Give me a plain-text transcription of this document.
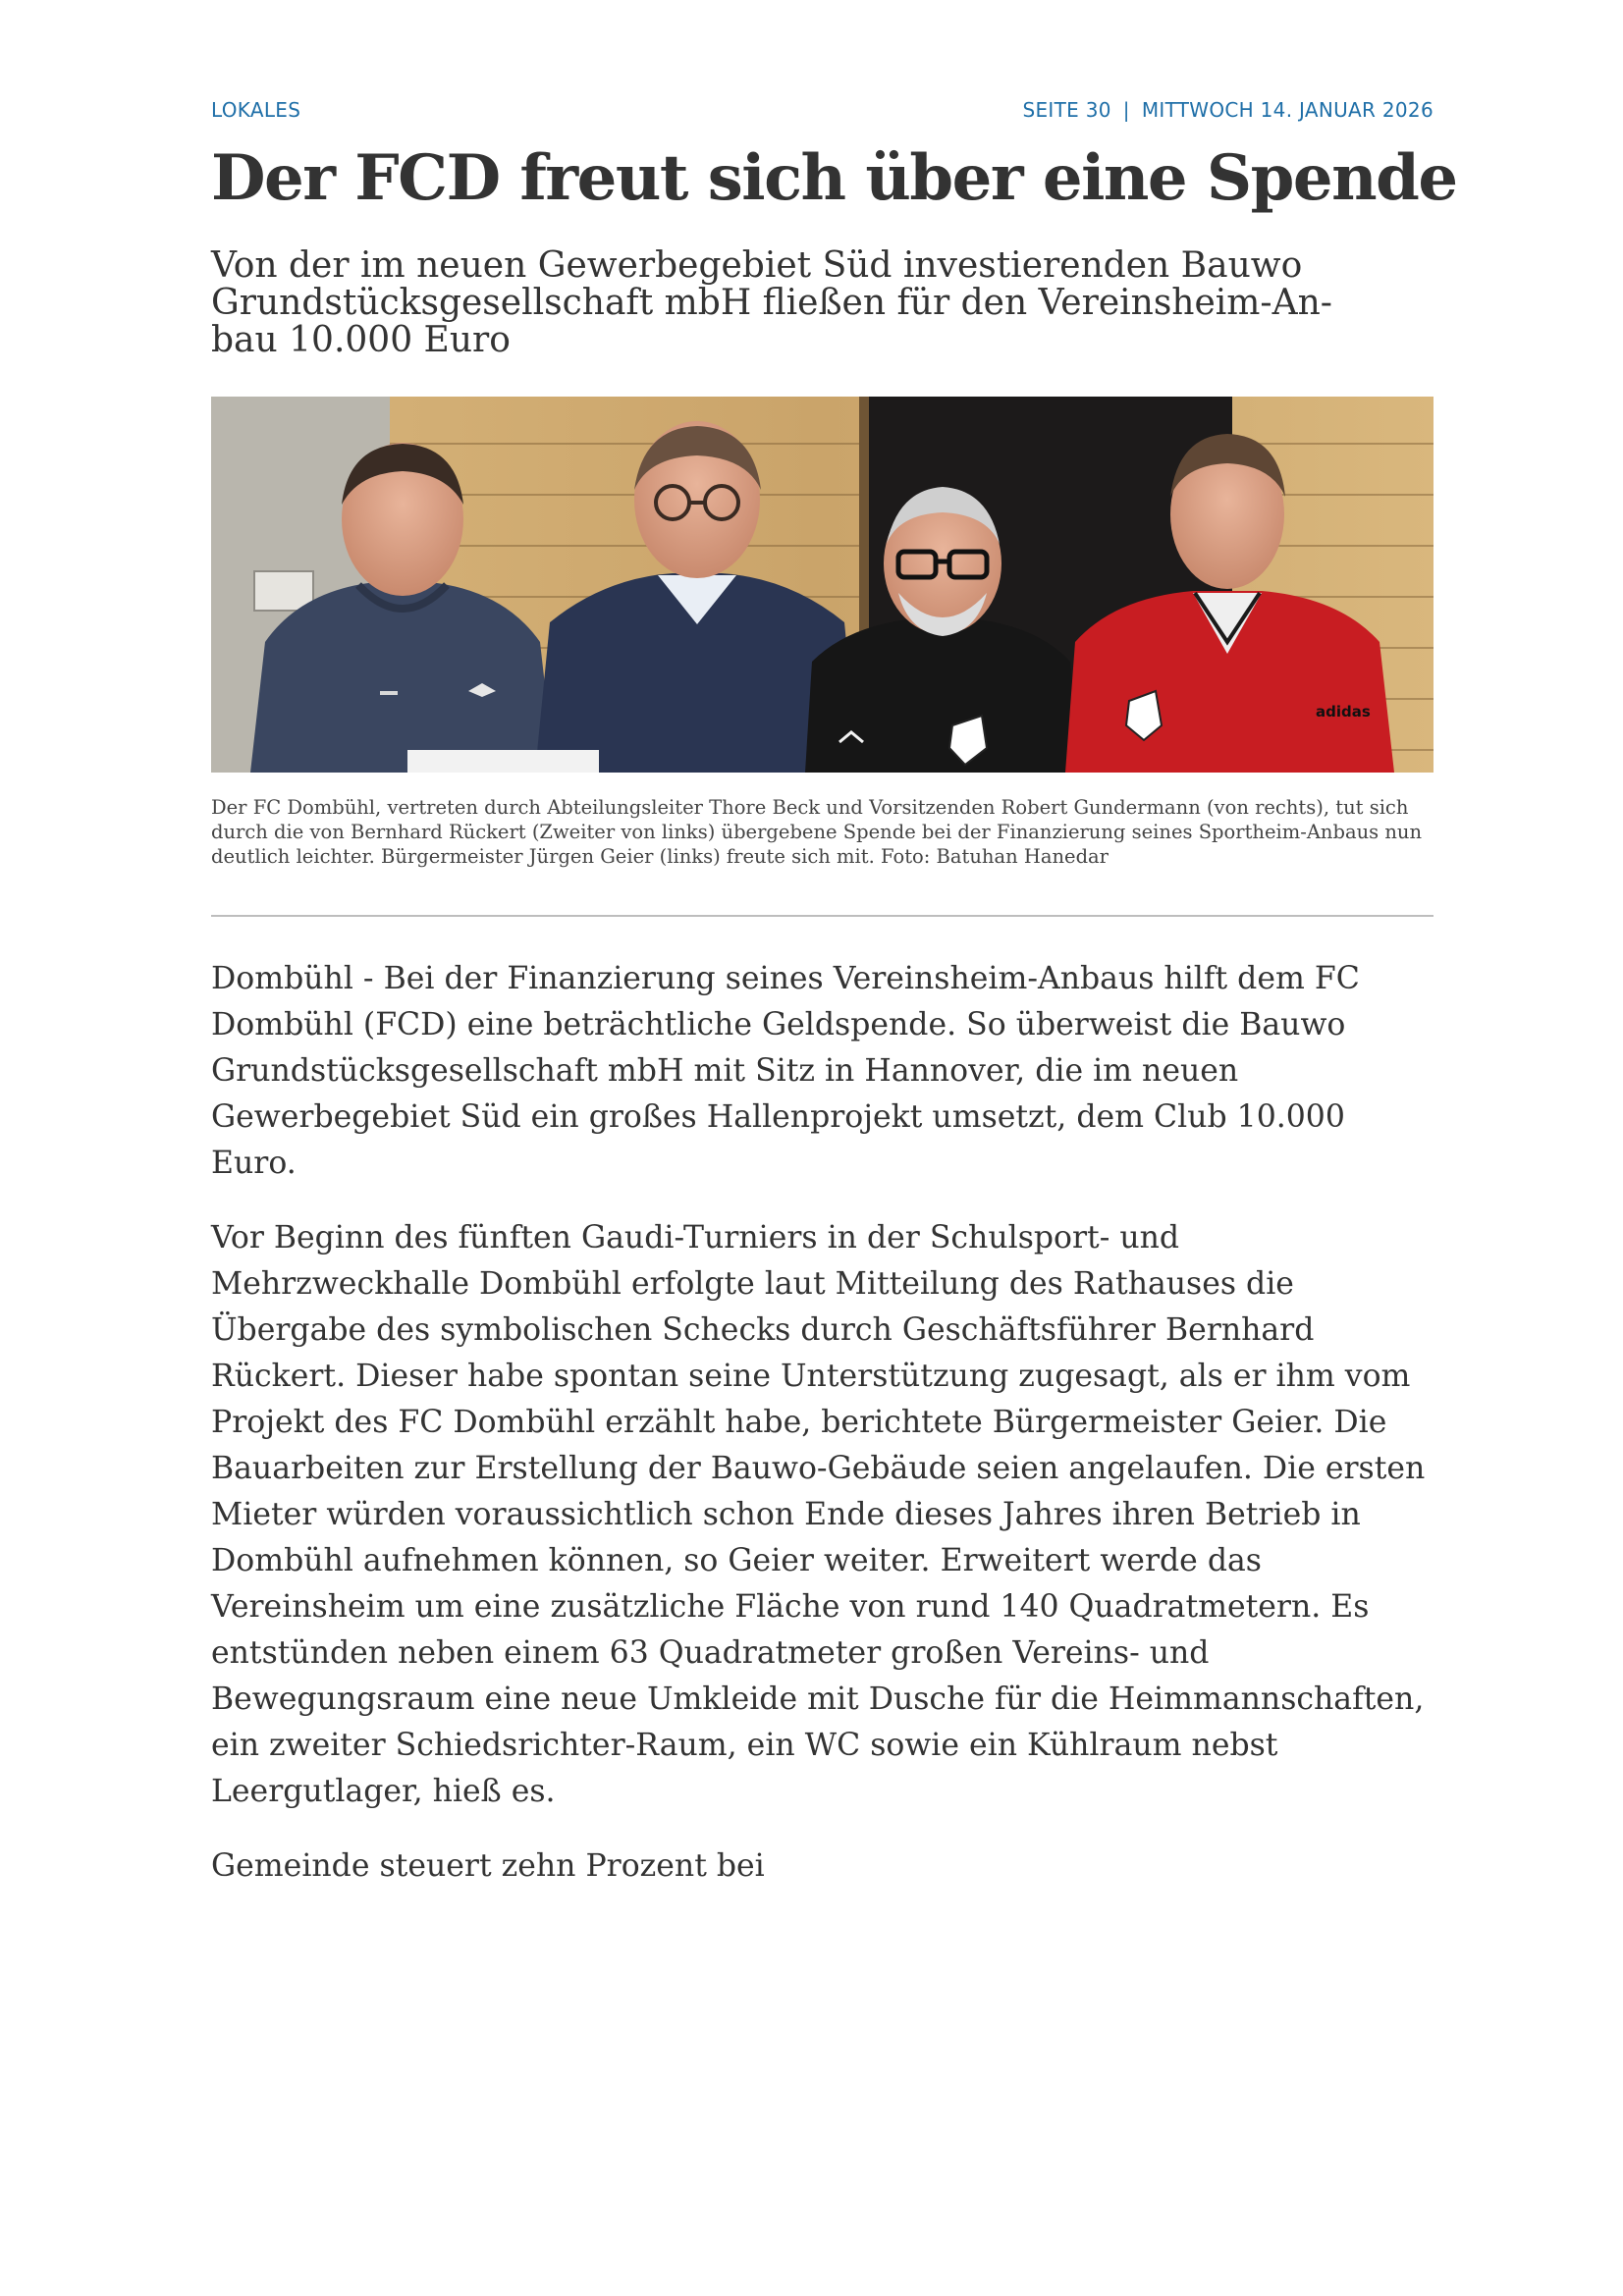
LOKALES	SEITE 30 | MITTWOCH 14. JANUAR 2026
Der FCD freut sich über eine Spende
Von der im neuen Gewerbegebiet Süd investierenden Bauwo
Grundstücksgesellschaft mbH fließen für den Vereinsheim-An-
bau 10.000 Euro
adidas

Der FC Dombühl, vertreten durch Abteilungsleiter Thore Beck und Vorsitzenden Robert Gundermann (von rechts), tut sich durch die von Bernhard Rückert (Zweiter von links) übergebene Spende bei der Finanzierung seines Sportheim-Anbaus nun deutlich leichter. Bürgermeister Jürgen Geier (links) freute sich mit. Foto: Batuhan Hanedar

Dombühl - Bei der Finanzierung seines Vereinsheim-Anbaus hilft dem FC Dombühl (FCD) eine beträchtliche Geldspende. So überweist die Bauwo Grundstücksgesellschaft mbH mit Sitz in Hannover, die im neuen Gewerbegebiet Süd ein großes Hallenprojekt umsetzt, dem Club 10.000 Euro.

Vor Beginn des fünften Gaudi-Turniers in der Schulsport- und Mehrzweckhalle Dombühl erfolgte laut Mitteilung des Rathauses die Übergabe des symbolischen Schecks durch Geschäftsführer Bernhard Rückert. Dieser habe spontan seine Unterstützung zugesagt, als er ihm vom Projekt des FC Dombühl erzählt habe, berichtete Bürgermeister Geier. Die Bauarbeiten zur Erstellung der Bauwo-Gebäude seien angelaufen. Die ersten Mieter würden voraussichtlich schon Ende dieses Jahres ihren Betrieb in Dombühl aufnehmen können, so Geier weiter. Erweitert werde das Vereinsheim um eine zusätzliche Fläche von rund 140 Quadratmetern. Es entstünden neben einem 63 Quadratmeter großen Vereins- und Bewegungsraum eine neue Umkleide mit Dusche für die Heimmannschaften, ein zweiter Schiedsrichter-Raum, ein WC sowie ein Kühlraum nebst Leergutlager, hieß es.

Gemeinde steuert zehn Prozent bei
